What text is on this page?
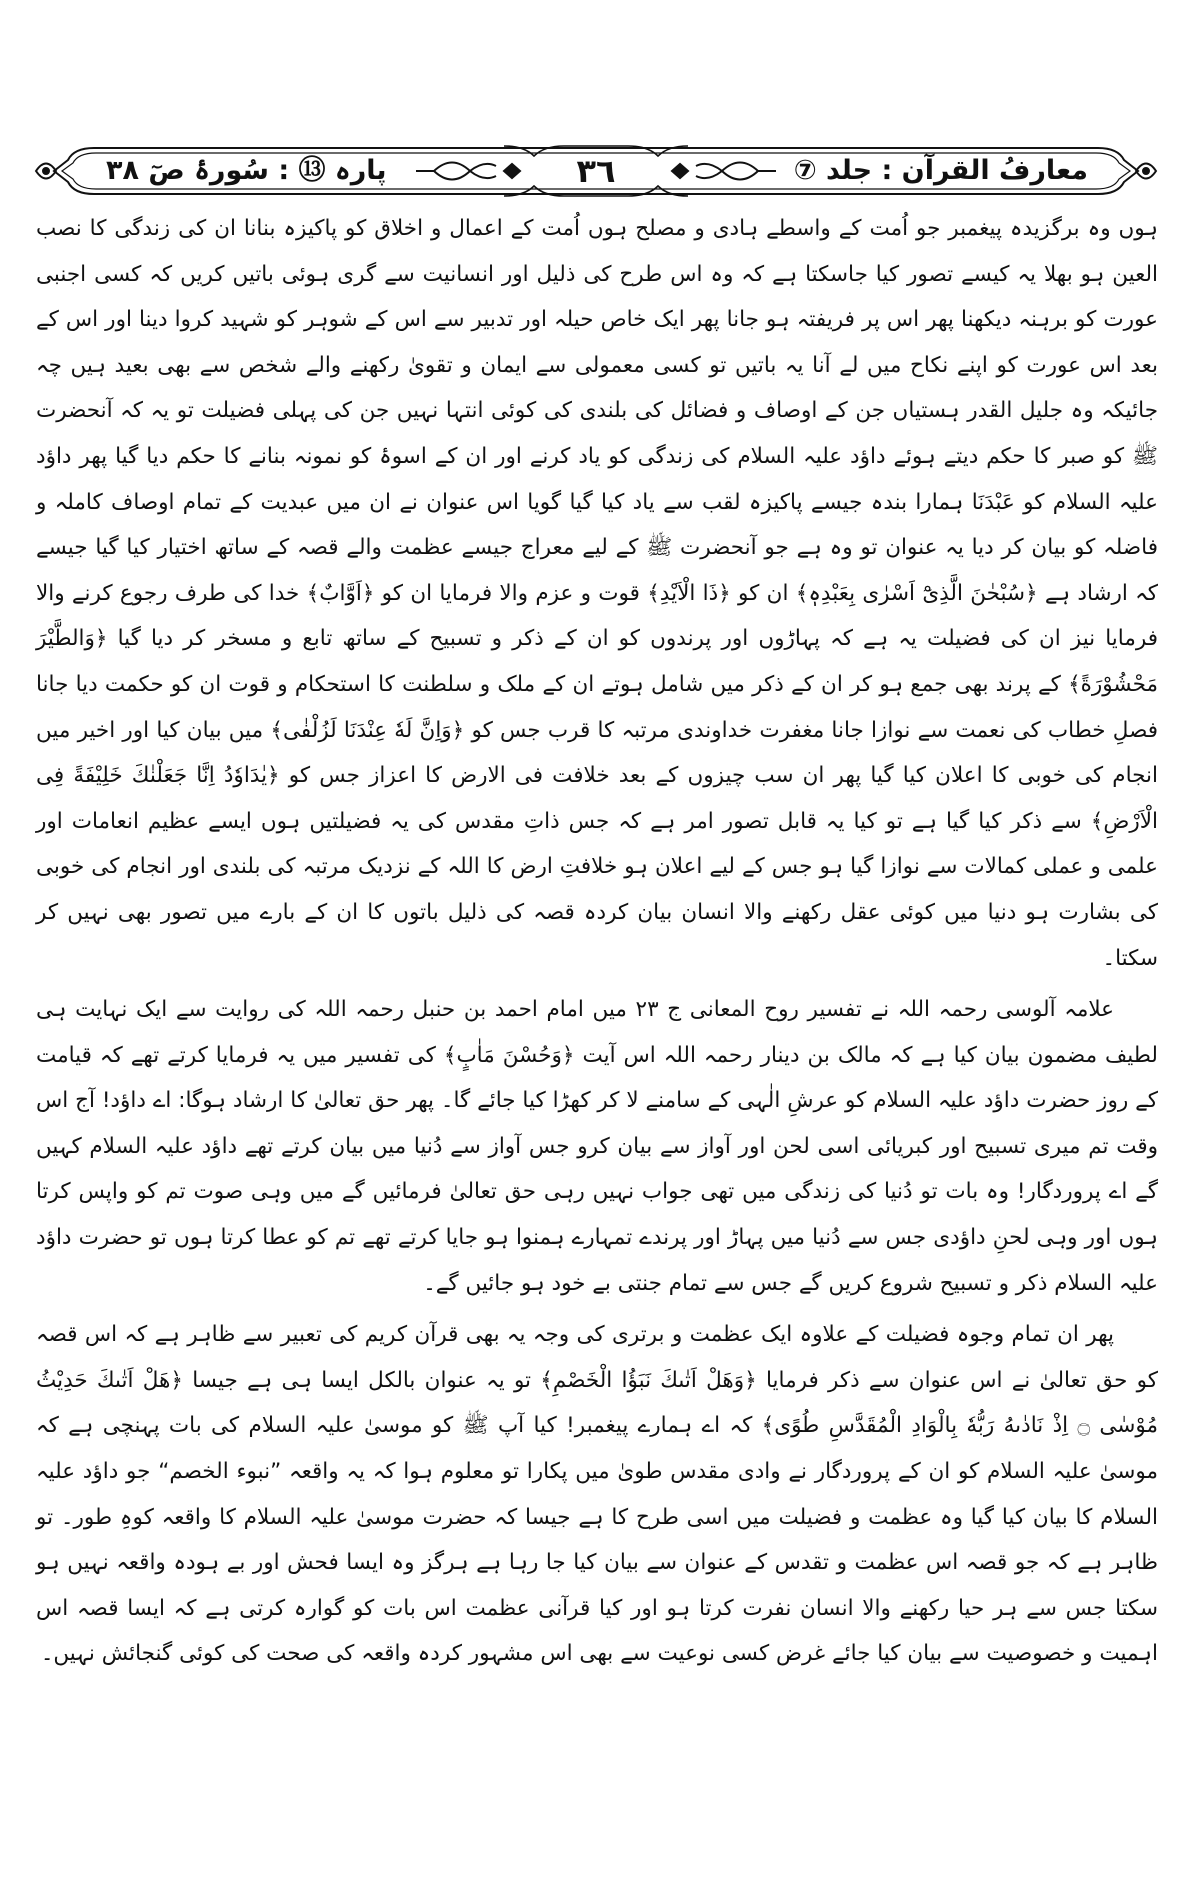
پارہ ⑬ : سُورۂ صٓ ۳۸	۳٦	معارفُ القرآن : جلد ⑦

ہوں وہ برگزیدہ پیغمبر جو اُمت کے واسطے ہادی و مصلح ہوں اُمت کے اعمال و اخلاق کو پاکیزہ بنانا ان کی زندگی کا نصب العین ہو بھلا یہ کیسے تصور کیا جاسکتا ہے کہ وہ اس طرح کی ذلیل اور انسانیت سے گری ہوئی باتیں کریں کہ کسی اجنبی عورت کو برہنہ دیکھنا پھر اس پر فریفتہ ہو جانا پھر ایک خاص حیلہ اور تدبیر سے اس کے شوہر کو شہید کروا دینا اور اس کے بعد اس عورت کو اپنے نکاح میں لے آنا یہ باتیں تو کسی معمولی سے ایمان و تقویٰ رکھنے والے شخص سے بھی بعید ہیں چہ جائیکہ وہ جلیل القدر ہستیاں جن کے اوصاف و فضائل کی بلندی کی کوئی انتہا نہیں جن کی پہلی فضیلت تو یہ کہ آنحضرت ﷺ کو صبر کا حکم دیتے ہوئے داؤد علیہ السلام کی زندگی کو یاد کرنے اور ان کے اسوۂ کو نمونہ بنانے کا حکم دیا گیا پھر داؤد علیہ السلام کو عَبْدَنَا ہمارا بندہ جیسے پاکیزہ لقب سے یاد کیا گیا گویا اس عنوان نے ان میں عبدیت کے تمام اوصاف کاملہ و فاضلہ کو بیان کر دیا یہ عنوان تو وہ ہے جو آنحضرت ﷺ کے لیے معراج جیسے عظمت والے قصہ کے ساتھ اختیار کیا گیا جیسے کہ ارشاد ہے ﴿سُبْحٰنَ الَّذِیْٓ اَسْرٰی بِعَبْدِهٖ﴾ ان کو ﴿ذَا الْاَیْدِ﴾ قوت و عزم والا فرمایا ان کو ﴿اَوَّابٌ﴾ خدا کی طرف رجوع کرنے والا فرمایا نیز ان کی فضیلت یہ ہے کہ پہاڑوں اور پرندوں کو ان کے ذکر و تسبیح کے ساتھ تابع و مسخر کر دیا گیا ﴿وَالطَّیْرَ مَحْشُوْرَةً﴾ کے پرند بھی جمع ہو کر ان کے ذکر میں شامل ہوتے ان کے ملک و سلطنت کا استحکام و قوت ان کو حکمت دیا جانا فصلِ خطاب کی نعمت سے نوازا جانا مغفرت خداوندی مرتبہ کا قرب جس کو ﴿وَاِنَّ لَهٗ عِنْدَنَا لَزُلْفٰی﴾ میں بیان کیا اور اخیر میں انجام کی خوبی کا اعلان کیا گیا پھر ان سب چیزوں کے بعد خلافت فی الارض کا اعزاز جس کو ﴿یٰدَاوٗدُ اِنَّا جَعَلْنٰكَ خَلِیْفَةً فِی الْاَرْضِ﴾ سے ذکر کیا گیا ہے تو کیا یہ قابل تصور امر ہے کہ جس ذاتِ مقدس کی یہ فضیلتیں ہوں ایسے عظیم انعامات اور علمی و عملی کمالات سے نوازا گیا ہو جس کے لیے اعلان ہو خلافتِ ارض کا اللہ کے نزدیک مرتبہ کی بلندی اور انجام کی خوبی کی بشارت ہو دنیا میں کوئی عقل رکھنے والا انسان بیان کردہ قصہ کی ذلیل باتوں کا ان کے بارے میں تصور بھی نہیں کر سکتا۔

علامہ آلوسی رحمہ اللہ نے تفسیر روح المعانی ج ۲۳ میں امام احمد بن حنبل رحمہ اللہ کی روایت سے ایک نہایت ہی لطیف مضمون بیان کیا ہے کہ مالک بن دینار رحمہ اللہ اس آیت ﴿وَحُسْنَ مَاٰبٍ﴾ کی تفسیر میں یہ فرمایا کرتے تھے کہ قیامت کے روز حضرت داؤد علیہ السلام کو عرشِ الٰہی کے سامنے لا کر کھڑا کیا جائے گا۔ پھر حق تعالیٰ کا ارشاد ہوگا: اے داؤد! آج اس وقت تم میری تسبیح اور کبریائی اسی لحن اور آواز سے بیان کرو جس آواز سے دُنیا میں بیان کرتے تھے داؤد علیہ السلام کہیں گے اے پروردگار! وہ بات تو دُنیا کی زندگی میں تھی جواب نہیں رہی حق تعالیٰ فرمائیں گے میں وہی صوت تم کو واپس کرتا ہوں اور وہی لحنِ داؤدی جس سے دُنیا میں پہاڑ اور پرندے تمہارے ہمنوا ہو جایا کرتے تھے تم کو عطا کرتا ہوں تو حضرت داؤد علیہ السلام ذکر و تسبیح شروع کریں گے جس سے تمام جنتی بے خود ہو جائیں گے۔

پھر ان تمام وجوہ فضیلت کے علاوہ ایک عظمت و برتری کی وجہ یہ بھی قرآن کریم کی تعبیر سے ظاہر ہے کہ اس قصہ کو حق تعالیٰ نے اس عنوان سے ذکر فرمایا ﴿وَهَلْ اَتٰىكَ نَبَؤُا الْخَصْمِ﴾ تو یہ عنوان بالکل ایسا ہی ہے جیسا ﴿هَلْ اَتٰىكَ حَدِیْثُ مُوْسٰى ۝ اِذْ نَادٰىهُ رَبُّهٗ بِالْوَادِ الْمُقَدَّسِ طُوًى﴾ کہ اے ہمارے پیغمبر! کیا آپ ﷺ کو موسیٰ علیہ السلام کی بات پہنچی ہے کہ موسیٰ علیہ السلام کو ان کے پروردگار نے وادی مقدس طویٰ میں پکارا تو معلوم ہوا کہ یہ واقعہ ”نبوء الخصم“ جو داؤد علیہ السلام کا بیان کیا گیا وہ عظمت و فضیلت میں اسی طرح کا ہے جیسا کہ حضرت موسیٰ علیہ السلام کا واقعہ کوہِ طور۔ تو ظاہر ہے کہ جو قصہ اس عظمت و تقدس کے عنوان سے بیان کیا جا رہا ہے ہرگز وہ ایسا فحش اور بے ہودہ واقعہ نہیں ہو سکتا جس سے ہر حیا رکھنے والا انسان نفرت کرتا ہو اور کیا قرآنی عظمت اس بات کو گوارہ کرتی ہے کہ ایسا قصہ اس اہمیت و خصوصیت سے بیان کیا جائے غرض کسی نوعیت سے بھی اس مشہور کردہ واقعہ کی صحت کی کوئی گنجائش نہیں۔
